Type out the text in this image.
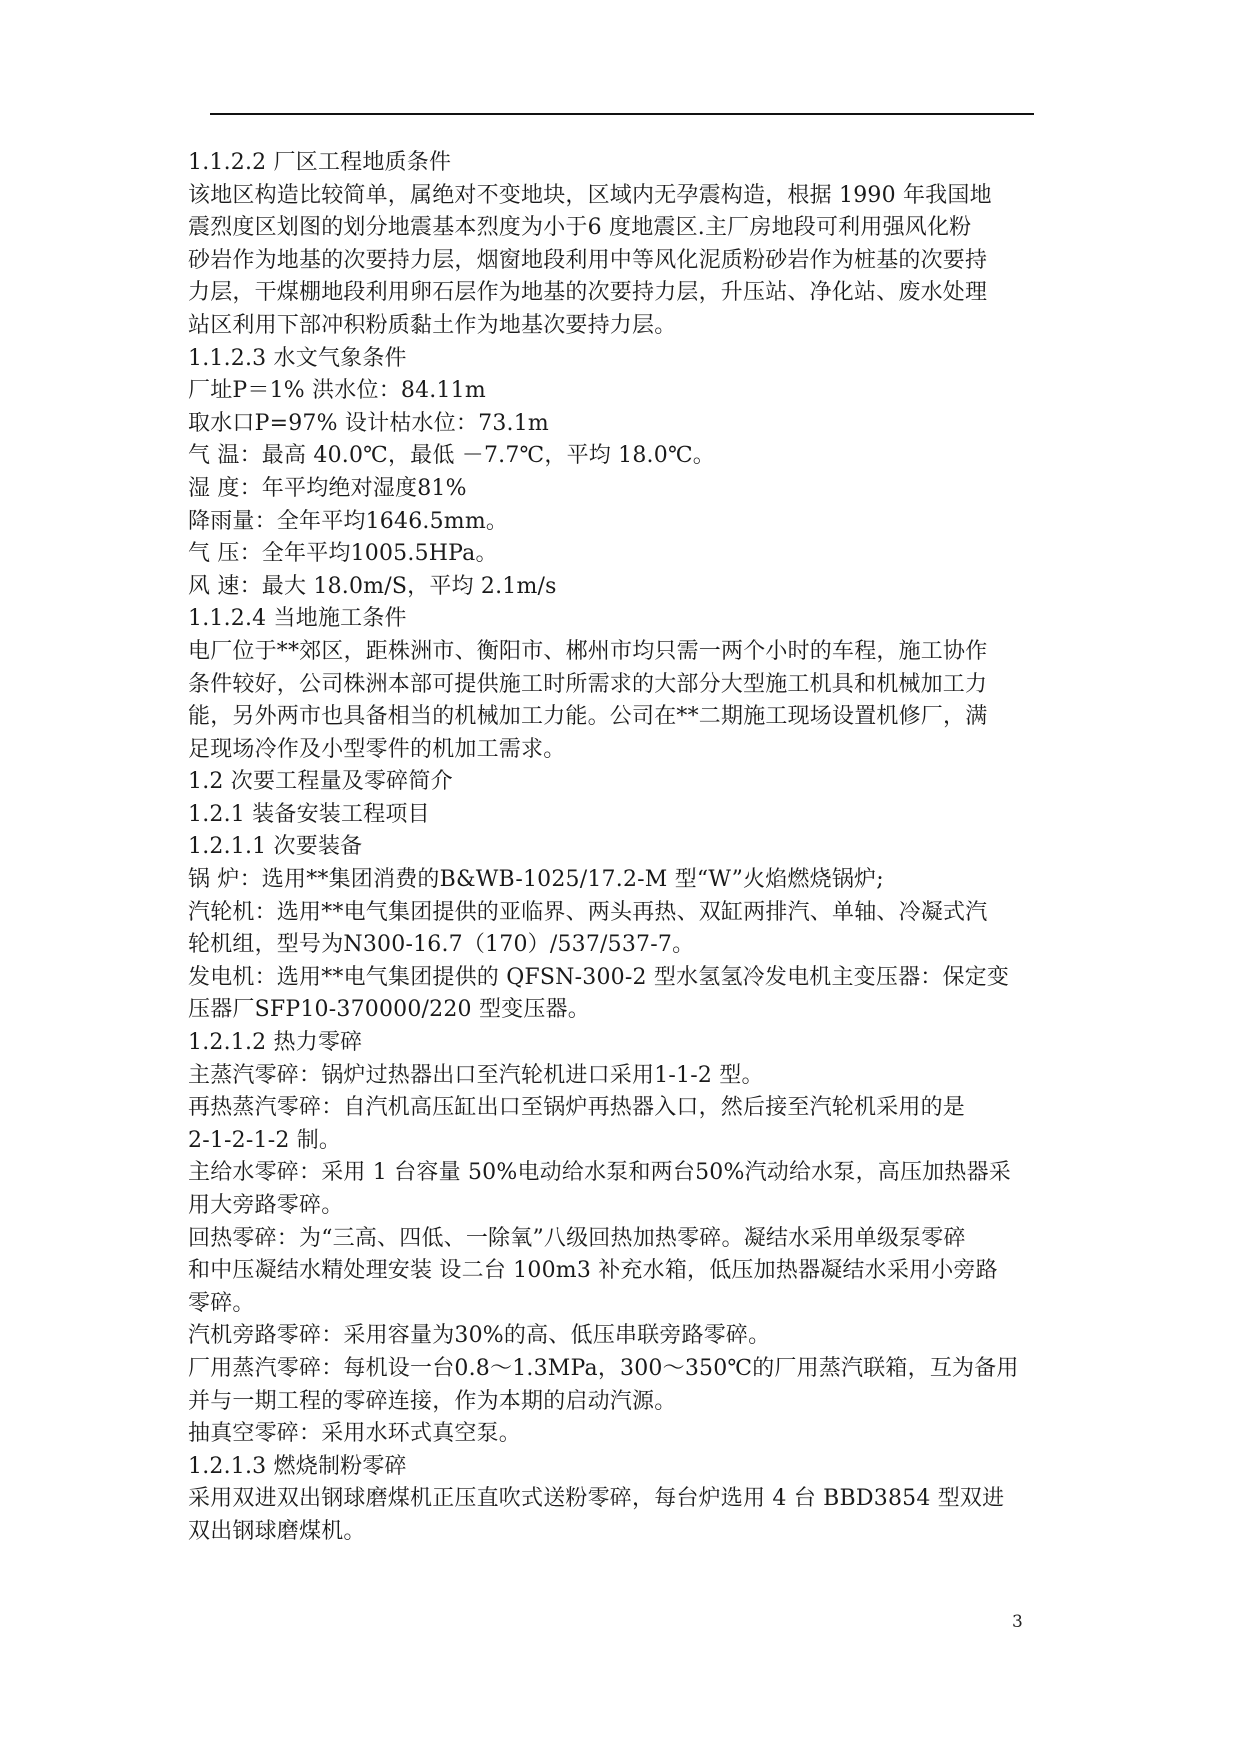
1.1.2.2 厂区工程地质条件
该地区构造比较简单，属绝对不变地块，区域内无孕震构造，根据 1990 年我国地
震烈度区划图的划分地震基本烈度为小于6 度地震区.主厂房地段可利用强风化粉
砂岩作为地基的次要持力层，烟窗地段利用中等风化泥质粉砂岩作为桩基的次要持
力层，干煤棚地段利用卵石层作为地基的次要持力层，升压站、净化站、废水处理
站区利用下部冲积粉质黏土作为地基次要持力层。
1.1.2.3 水文气象条件
厂址P＝1% 洪水位：84.11m
取水口P=97% 设计枯水位：73.1m
气 温：最高 40.0℃，最低 －7.7℃，平均 18.0℃。
湿 度：年平均绝对湿度81%
降雨量：全年平均1646.5mm。
气 压：全年平均1005.5HPa。
风 速：最大 18.0m/S，平均 2.1m/s
1.1.2.4 当地施工条件
电厂位于**郊区，距株洲市、衡阳市、郴州市均只需一两个小时的车程，施工协作
条件较好，公司株洲本部可提供施工时所需求的大部分大型施工机具和机械加工力
能，另外两市也具备相当的机械加工力能。公司在**二期施工现场设置机修厂，满
足现场冷作及小型零件的机加工需求。
1.2 次要工程量及零碎简介
1.2.1 装备安装工程项目
1.2.1.1 次要装备
锅 炉：选用**集团消费的B&WB-1025/17.2-M 型“W”火焰燃烧锅炉;
汽轮机：选用**电气集团提供的亚临界、两头再热、双缸两排汽、单轴、冷凝式汽
轮机组，型号为N300-16.7（170）/537/537-7。
发电机：选用**电气集团提供的 QFSN-300-2 型水氢氢冷发电机主变压器：保定变
压器厂SFP10-370000/220 型变压器。
1.2.1.2 热力零碎
主蒸汽零碎：锅炉过热器出口至汽轮机进口采用1-1-2 型。
再热蒸汽零碎：自汽机高压缸出口至锅炉再热器入口，然后接至汽轮机采用的是
2-1-2-1-2 制。
主给水零碎：采用 1 台容量 50%电动给水泵和两台50%汽动给水泵，高压加热器采
用大旁路零碎。
回热零碎：为“三高、四低、一除氧”八级回热加热零碎。凝结水采用单级泵零碎
和中压凝结水精处理安装 设二台 100m3 补充水箱，低压加热器凝结水采用小旁路
零碎。
汽机旁路零碎：采用容量为30%的高、低压串联旁路零碎。
厂用蒸汽零碎：每机设一台0.8～1.3MPa，300～350℃的厂用蒸汽联箱，互为备用
并与一期工程的零碎连接，作为本期的启动汽源。
抽真空零碎：采用水环式真空泵。
1.2.1.3 燃烧制粉零碎
采用双进双出钢球磨煤机正压直吹式送粉零碎，每台炉选用 4 台 BBD3854 型双进
双出钢球磨煤机。
3
